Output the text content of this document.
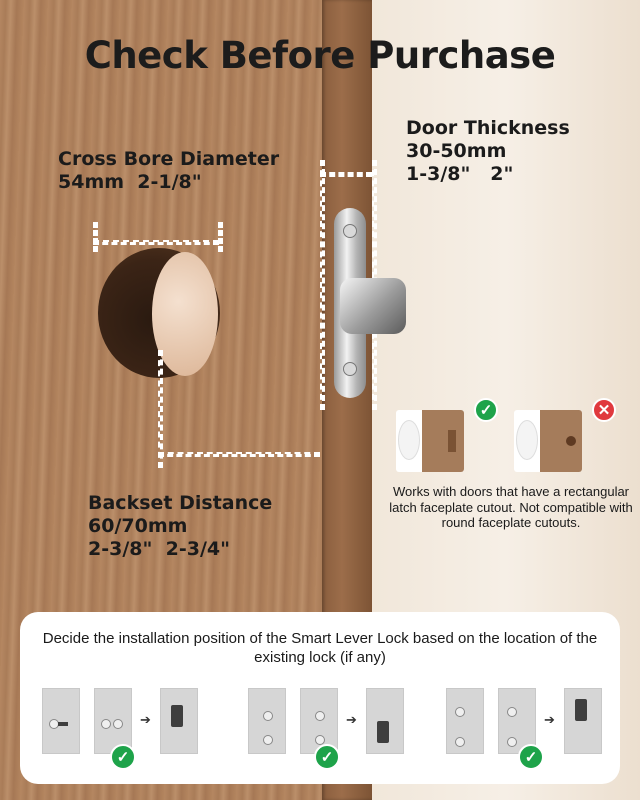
Check Before Purchase
Cross Bore Diameter
54mm  2-1/8"
Door Thickness
30-50mm
1-3/8"   2"
Backset Distance
60/70mm
2-3/8"  2-3/4"
✓	✕
Works with doors that have a rectangular latch faceplate cutout. Not compatible with round faceplate cutouts.
Decide the installation position of the Smart Lever Lock based on the location of the existing lock (if any)
➔
✓
➔
✓
➔
✓
